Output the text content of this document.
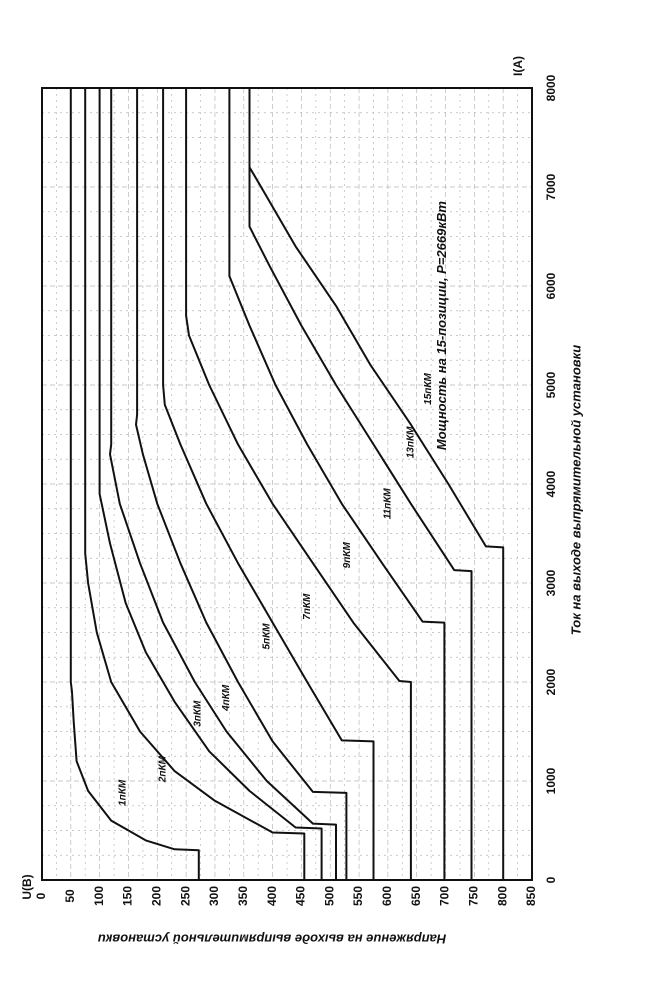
0 50 100 150 200 250 300 350 400 450 500 550 600 650 700 750 800 850
0
1000
2000
3000
4000
5000
6000
7000
8000
1пКМ
2пКМ
3пКМ
4пКМ
5пКМ
7пКМ
9пКМ
11пКМ
13пКМ
15пКМ Мощность на 15-позиции, P=2669кВт
Ток на выходе выпрямительной установки
Напряжение на выходе выпрямительной установки
I(A)
U(B)
